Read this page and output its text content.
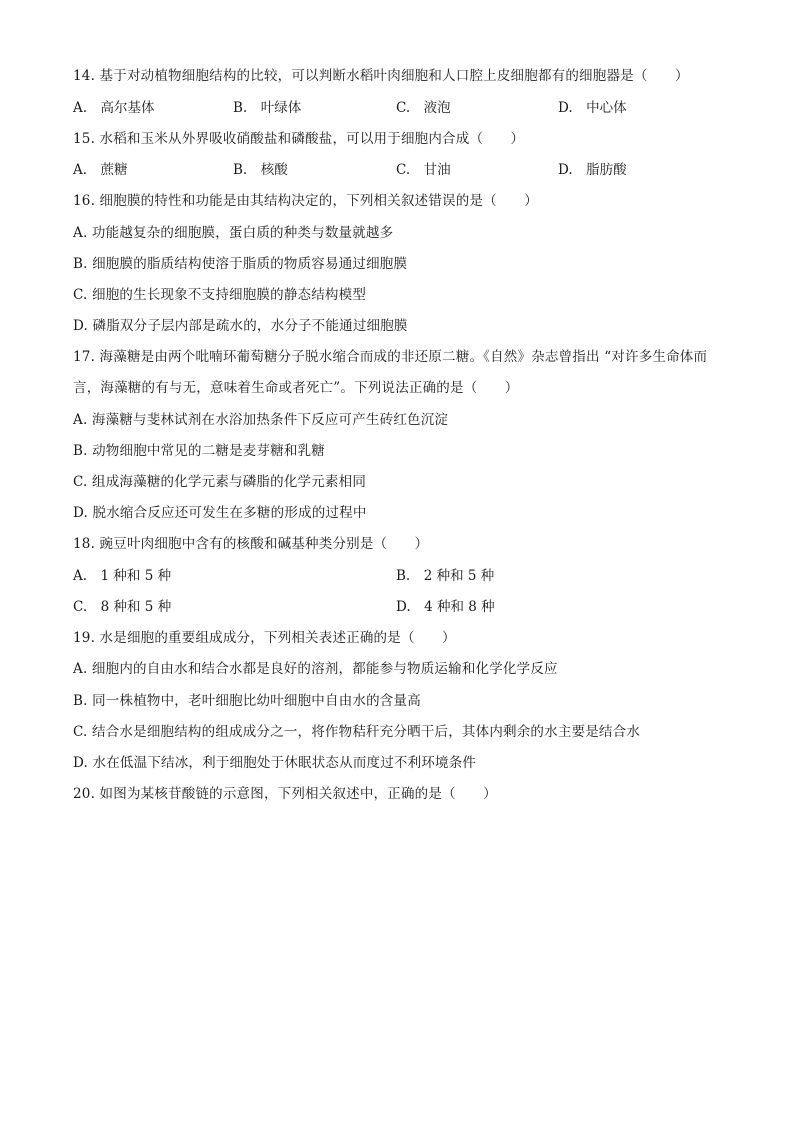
14. 基于对动植物细胞结构的比较，可以判断水稻叶肉细胞和人口腔上皮细胞都有的细胞器是（　　）
A.　高尔基体	B.　叶绿体	C.　液泡	D.　中心体
15. 水稻和玉米从外界吸收硝酸盐和磷酸盐，可以用于细胞内合成（　　）
A.　蔗糖	B.　核酸	C.　甘油	D.　脂肪酸
16. 细胞膜的特性和功能是由其结构决定的，下列相关叙述错误的是（　　）
A. 功能越复杂的细胞膜，蛋白质的种类与数量就越多
B. 细胞膜的脂质结构使溶于脂质的物质容易通过细胞膜
C. 细胞的生长现象不支持细胞膜的静态结构模型
D. 磷脂双分子层内部是疏水的，水分子不能通过细胞膜
17. 海藻糖是由两个吡喃环葡萄糖分子脱水缩合而成的非还原二糖。《自然》杂志曾指出 “对许多生命体而
言，海藻糖的有与无，意味着生命或者死亡”。下列说法正确的是（　　）
A. 海藻糖与斐林试剂在水浴加热条件下反应可产生砖红色沉淀
B. 动物细胞中常见的二糖是麦芽糖和乳糖
C. 组成海藻糖的化学元素与磷脂的化学元素相同
D. 脱水缩合反应还可发生在多糖的形成的过程中
18. 豌豆叶肉细胞中含有的核酸和碱基种类分别是（　　）
A.　1 种和 5 种	B.　2 种和 5 种
C.　8 种和 5 种	D.　4 种和 8 种
19. 水是细胞的重要组成成分，下列相关表述正确的是（　　）
A. 细胞内的自由水和结合水都是良好的溶剂，都能参与物质运输和化学化学反应
B. 同一株植物中，老叶细胞比幼叶细胞中自由水的含量高
C. 结合水是细胞结构的组成成分之一，将作物秸秆充分晒干后，其体内剩余的水主要是结合水
D. 水在低温下结冰，利于细胞处于休眠状态从而度过不利环境条件
20. 如图为某核苷酸链的示意图，下列相关叙述中，正确的是（　　）
